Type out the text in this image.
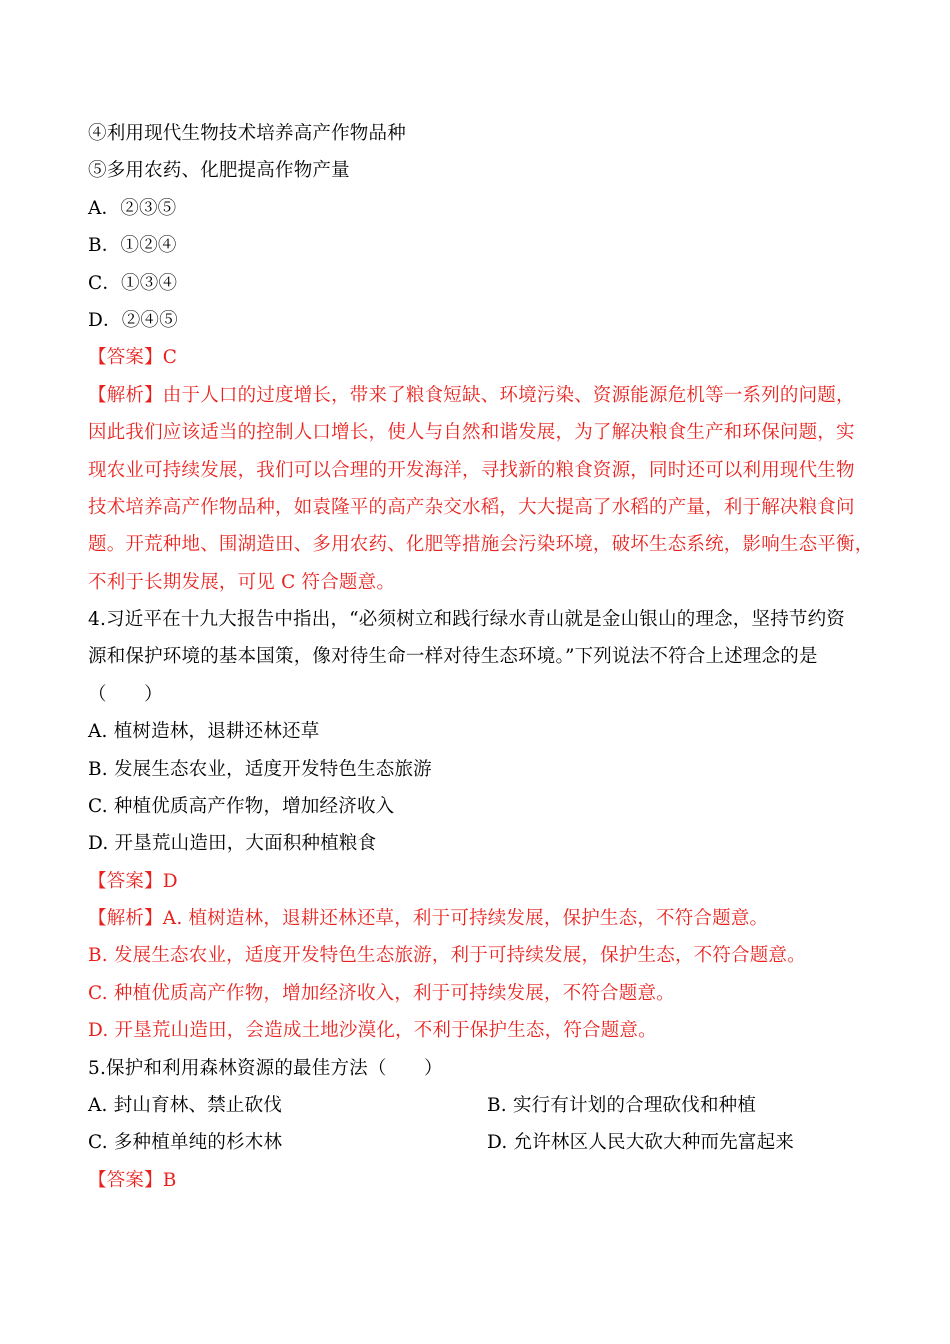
④利用现代生物技术培养高产作物品种
⑤多用农药、化肥提高作物产量
A．②③⑤
B．①②④
C．①③④
D．②④⑤
【答案】C
【解析】由于人口的过度增长，带来了粮食短缺、环境污染、资源能源危机等一系列的问题，
因此我们应该适当的控制人口增长，使人与自然和谐发展，为了解决粮食生产和环保问题，实
现农业可持续发展，我们可以合理的开发海洋，寻找新的粮食资源，同时还可以利用现代生物
技术培养高产作物品种，如袁隆平的高产杂交水稻，大大提高了水稻的产量，利于解决粮食问
题。开荒种地、围湖造田、多用农药、化肥等措施会污染环境，破坏生态系统，影响生态平衡，
不利于长期发展，可见 C 符合题意。
4.习近平在十九大报告中指出，“必须树立和践行绿水青山就是金山银山的理念，坚持节约资
源和保护环境的基本国策，像对待生命一样对待生态环境。”下列说法不符合上述理念的是
（　　）
A. 植树造林，退耕还林还草
B. 发展生态农业，适度开发特色生态旅游
C. 种植优质高产作物，增加经济收入
D. 开垦荒山造田，大面积种植粮食
【答案】D
【解析】A. 植树造林，退耕还林还草，利于可持续发展，保护生态，不符合题意。
B. 发展生态农业，适度开发特色生态旅游，利于可持续发展，保护生态，不符合题意。
C. 种植优质高产作物，增加经济收入，利于可持续发展，不符合题意。
D. 开垦荒山造田，会造成土地沙漠化，不利于保护生态，符合题意。
5.保护和利用森林资源的最佳方法（　　）
A. 封山育林、禁止砍伐	B. 实行有计划的合理砍伐和种植
C. 多种植单纯的杉木林	D. 允许林区人民大砍大种而先富起来
【答案】B
